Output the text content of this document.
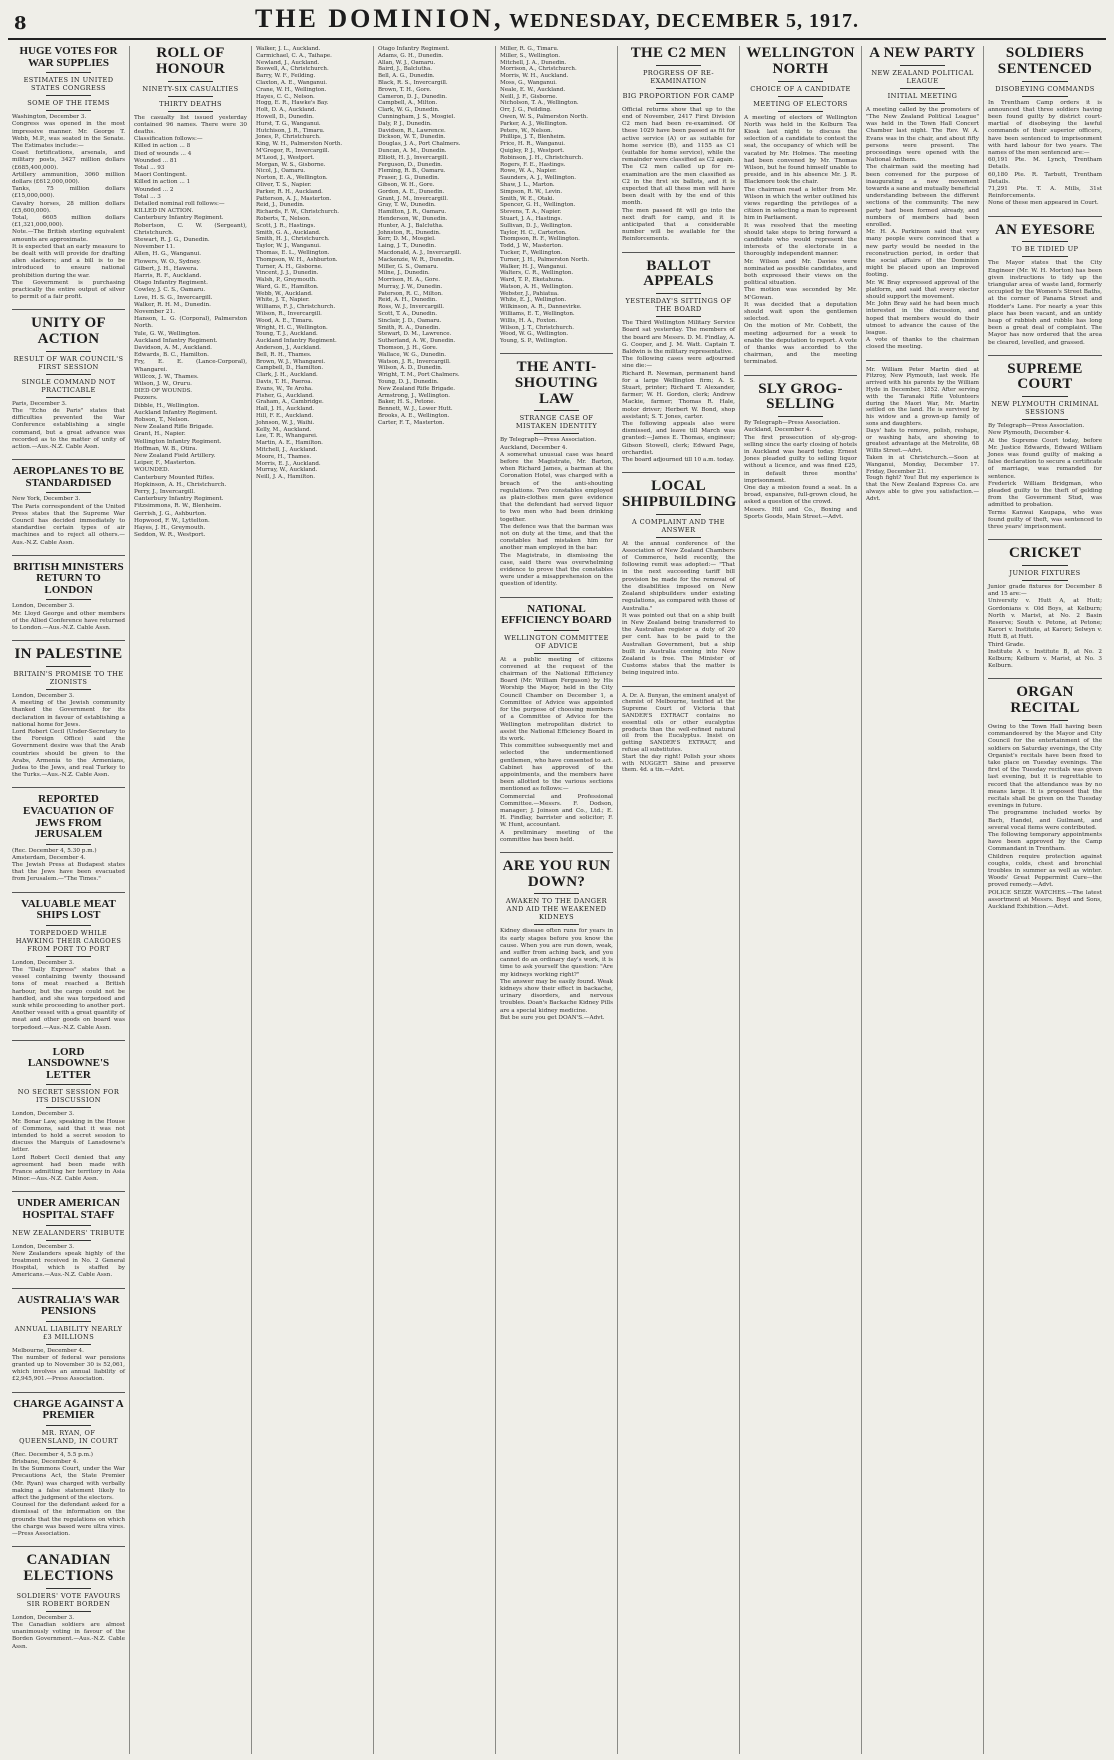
8	THE DOMINION, WEDNESDAY, DECEMBER 5, 1917.
HUGE VOTES FOR WAR SUPPLIES
ESTIMATES IN UNITED STATES CONGRESS
SOME OF THE ITEMS
Washington, December 3.
Congress was opened in the most impressive manner. Mr. George T. Webb, M.P., was seated in the Senate. The Estimates include:—
Coast fortifications, arsenals, and military posts, 3427 million dollars (£685,400,000).
Artillery ammunition, 3060 million dollars (£612,000,000).
Tanks, 75 million dollars (£15,000,000).
Cavalry horses, 28 million dollars (£5,600,000).
Total, 6605 million dollars (£1,321,000,000).
Note.—The British sterling equivalent amounts are approximate.
It is expected that an early measure to be dealt with will provide for drafting alien slackers; and a bill is to be introduced to ensure national prohibition during the war.
The Government is purchasing practically the entire output of silver to permit of a fair profit.
UNITY OF ACTION
RESULT OF WAR COUNCIL'S FIRST SESSION
SINGLE COMMAND NOT PRACTICABLE
Paris, December 3.
The "Echo de Paris" states that difficulties prevented the War Conference establishing a single command, but a great advance was recorded as to the matter of unity of action.—Aus.-N.Z. Cable Assn.
AEROPLANES TO BE STANDARDISED
New York, December 3.
The Paris correspondent of the United Press states that the Supreme War Council has decided immediately to standardise certain types of air machines and to reject all others.—Aus.-N.Z. Cable Assn.
BRITISH MINISTERS RETURN TO LONDON
London, December 3.
Mr. Lloyd George and other members of the Allied Conference have returned to London.—Aus.-N.Z. Cable Assn.
IN PALESTINE
BRITAIN'S PROMISE TO THE ZIONISTS
London, December 3.
A meeting of the Jewish community thanked the Government for its declaration in favour of establishing a national home for Jews.
Lord Robert Cecil (Under-Secretary to the Foreign Office) said the Government desire was that the Arab countries should be given to the Arabs, Armenia to the Armenians, Judea to the Jews, and real Turkey to the Turks.—Aus.-N.Z. Cable Assn.
REPORTED EVACUATION OF JEWS FROM JERUSALEM
(Rec. December 4, 5.30 p.m.)
Amsterdam, December 4.
The Jewish Press at Budapest states that the Jews have been evacuated from Jerusalem.—"The Times."
VALUABLE MEAT SHIPS LOST
TORPEDOED WHILE HAWKING THEIR CARGOES FROM PORT TO PORT
London, December 3.
The "Daily Express" states that a vessel containing twenty thousand tons of meat reached a British harbour, but the cargo could not be handled, and she was torpedoed and sunk while proceeding to another port. Another vessel with a great quantity of meat and other goods on board was torpedoed.—Aus.-N.Z. Cable Assn.
LORD LANSDOWNE'S LETTER
NO SECRET SESSION FOR ITS DISCUSSION
London, December 3.
Mr. Bonar Law, speaking in the House of Commons, said that it was not intended to hold a secret session to discuss the Marquis of Lansdowne's letter.
Lord Robert Cecil denied that any agreement had been made with France admitting her territory in Asia Minor.—Aus.-N.Z. Cable Assn.
UNDER AMERICAN HOSPITAL STAFF
NEW ZEALANDERS' TRIBUTE
London, December 3.
New Zealanders speak highly of the treatment received in No. 2 General Hospital, which is staffed by Americans.—Aus.-N.Z. Cable Assn.
AUSTRALIA'S WAR PENSIONS
ANNUAL LIABILITY NEARLY £3 MILLIONS
Melbourne, December 4.
The number of federal war pensions granted up to November 30 is 52,061, which involves an annual liability of £2,945,901.—Press Association.
CHARGE AGAINST A PREMIER
MR. RYAN, OF QUEENSLAND, IN COURT
(Rec. December 4, 5.5 p.m.)
Brisbane, December 4.
In the Summons Court, under the War Precautions Act, the State Premier (Mr. Ryan) was charged with verbally making a false statement likely to affect the judgment of the electors.
Counsel for the defendant asked for a dismissal of the information on the grounds that the regulations on which the charge was based were ultra vires.—Press Association.
CANADIAN ELECTIONS
SOLDIERS' VOTE FAVOURS SIR ROBERT BORDEN
London, December 3.
The Canadian soldiers are almost unanimously voting in favour of the Borden Government.—Aus.-N.Z. Cable Assn.
ROLL OF HONOUR
NINETY-SIX CASUALTIES
THIRTY DEATHS
The casualty list issued yesterday contained 96 names. There were 30 deaths.
Classification follows:—
Killed in action ... 8
Died of wounds ... 4
Wounded ... 81
Total ... 93
Maori Contingent.
Killed in action ... 1
Wounded ... 2
Total ... 3
Detailed nominal roll follows:—
KILLED IN ACTION.
Canterbury Infantry Regiment.
Robertson, C. W. (Sergeant), Christchurch.
Stewart, R. J. G., Dunedin.
November 11.
Allen, H. G., Wanganui.
Flowers, W. O., Sydney.
Gilbert, J. H., Hawera.
Harris, R. F., Auckland.
Otago Infantry Regiment.
Cowley, J. C. S., Oamaru.
Love, H. S. G., Invercargill.
Walker, R. H. M., Dunedin.
November 21.
Hanson, L. G. (Corporal), Palmerston North.
Yule, G. W., Wellington.
Auckland Infantry Regiment.
Davidson, A. M., Auckland.
Edwards, B. C., Hamilton.
Fry, E. E. (Lance-Corporal), Whangarei.
Willcox, J. W., Thames.
Wilson, J. W., Oruru.
DIED OF WOUNDS.
Pezzers.
Dibble, H., Wellington.
Auckland Infantry Regiment.
Robson, T., Nelson.
New Zealand Rifle Brigade.
Grant, H., Napier.
Wellington Infantry Regiment.
Hoffman, W. B., Otira.
New Zealand Field Artillery.
Leiper, F., Masterton.
WOUNDED.
Canterbury Mounted Rifles.
Hopkinson, A. H., Christchurch.
Perry, J., Invercargill.
Canterbury Infantry Regiment.
Fitzsimmons, R. W., Blenheim.
Gerrish, J. G., Ashburton.
Hopwood, F. W., Lyttelton.
Hayes, J. H., Greymouth.
Seddon, W. R., Westport.
Walker, J. L., Auckland.
Carmichael, C. A., Taihape.
Newland, J., Auckland.
Boswell, A., Christchurch.
Barry, W. F., Feilding.
Claxton, A. E., Wanganui.
Crane, W. H., Wellington.
Hayes, C. C., Nelson.
Hogg, E. R., Hawke's Bay.
Holt, D. A., Auckland.
Howell, D., Dunedin.
Hurst, T. G., Wanganui.
Hutchison, J. R., Timaru.
Jones, P., Christchurch.
King, W. H., Palmerston North.
M'Gregor, R., Invercargill.
M'Leod, J., Westport.
Morgan, W. S., Gisborne.
Nicol, J., Oamaru.
Norton, E. A., Wellington.
Oliver, T. S., Napier.
Parker, R. H., Auckland.
Patterson, A. J., Masterton.
Reid, J., Dunedin.
Richards, F. W., Christchurch.
Roberts, T., Nelson.
Scott, J. R., Hastings.
Smith, G. A., Auckland.
Smith, H. J., Christchurch.
Taylor, W. J., Wanganui.
Thomas, E. L., Wellington.
Thompson, W. H., Ashburton.
Turner, A. H., Gisborne.
Vincent, J. J., Dunedin.
Walsh, P., Greymouth.
Ward, G. E., Hamilton.
Webb, W., Auckland.
White, J. T., Napier.
Williams, F. J., Christchurch.
Wilson, R., Invercargill.
Wood, A. E., Timaru.
Wright, H. C., Wellington.
Young, T. J., Auckland.
Auckland Infantry Regiment.
Anderson, J., Auckland.
Bell, R. H., Thames.
Brown, W. J., Whangarei.
Campbell, D., Hamilton.
Clark, J. H., Auckland.
Davis, T. H., Paeroa.
Evans, W., Te Aroha.
Fisher, G., Auckland.
Graham, A., Cambridge.
Hall, J. H., Auckland.
Hill, F. E., Auckland.
Johnson, W. J., Waihi.
Kelly, M., Auckland.
Lee, T. R., Whangarei.
Martin, A. E., Hamilton.
Mitchell, J., Auckland.
Moore, H., Thames.
Morris, E. J., Auckland.
Murray, W., Auckland.
Neill, J. A., Hamilton.
Otago Infantry Regiment.
Adams, G. H., Dunedin.
Allan, W. J., Oamaru.
Baird, J., Balclutha.
Bell, A. G., Dunedin.
Black, R. S., Invercargill.
Brown, T. H., Gore.
Cameron, D. J., Dunedin.
Campbell, A., Milton.
Clark, W. G., Dunedin.
Cunningham, J. S., Mosgiel.
Daly, P. J., Dunedin.
Davidson, R., Lawrence.
Dickson, W. T., Dunedin.
Douglas, J. A., Port Chalmers.
Duncan, A. M., Dunedin.
Elliott, H. J., Invercargill.
Ferguson, D., Dunedin.
Fleming, R. B., Oamaru.
Fraser, J. G., Dunedin.
Gibson, W. H., Gore.
Gordon, A. E., Dunedin.
Grant, J. M., Invercargill.
Gray, T. W., Dunedin.
Hamilton, J. R., Oamaru.
Henderson, W., Dunedin.
Hunter, A. J., Balclutha.
Johnston, R., Dunedin.
Kerr, D. M., Mosgiel.
Laing, J. T., Dunedin.
Macdonald, A. J., Invercargill.
Mackenzie, W. R., Dunedin.
Miller, G. S., Oamaru.
Milne, J., Dunedin.
Morrison, H. A., Gore.
Murray, J. W., Dunedin.
Paterson, R. C., Milton.
Reid, A. H., Dunedin.
Ross, W. J., Invercargill.
Scott, T. A., Dunedin.
Sinclair, J. D., Oamaru.
Smith, R. A., Dunedin.
Stewart, D. M., Lawrence.
Sutherland, A. W., Dunedin.
Thomson, J. H., Gore.
Wallace, W. G., Dunedin.
Watson, J. R., Invercargill.
Wilson, A. D., Dunedin.
Wright, T. M., Port Chalmers.
Young, D. J., Dunedin.
New Zealand Rifle Brigade.
Armstrong, J., Wellington.
Baker, H. S., Petone.
Bennett, W. J., Lower Hutt.
Brooks, A. E., Wellington.
Carter, F. T., Masterton.
Miller, R. G., Timaru.
Miller, S., Wellington.
Mitchell, J. A., Dunedin.
Morrison, A., Christchurch.
Morris, W. H., Auckland.
Moss, G., Wanganui.
Neale, E. W., Auckland.
Neill, J. F., Gisborne.
Nicholson, T. A., Wellington.
Orr, J. G., Feilding.
Owen, W. S., Palmerston North.
Parker, A. J., Wellington.
Peters, W., Nelson.
Phillips, J. T., Blenheim.
Price, H. R., Wanganui.
Quigley, P. J., Westport.
Robinson, J. H., Christchurch.
Rogers, F. E., Hastings.
Rowe, W. A., Napier.
Saunders, A. J., Wellington.
Shaw, J. L., Marton.
Simpson, R. W., Levin.
Smith, W. E., Otaki.
Spencer, G. H., Wellington.
Stevens, T. A., Napier.
Stuart, J. A., Hastings.
Sullivan, D. J., Wellington.
Taylor, H. C., Carterton.
Thompson, R. F., Wellington.
Todd, J. W., Masterton.
Tucker, F., Wellington.
Turner, J. H., Palmerston North.
Walker, H. J., Wanganui.
Walters, C. R., Wellington.
Ward, T. P., Eketahuna.
Watson, A. H., Wellington.
Webster, J., Pahiatua.
White, E. J., Wellington.
Wilkinson, A. R., Dannevirke.
Williams, E. T., Wellington.
Willis, H. A., Foxton.
Wilson, J. T., Christchurch.
Wood, W. G., Wellington.
Young, S. P., Wellington.
THE ANTI-SHOUTING LAW
STRANGE CASE OF MISTAKEN IDENTITY
By Telegraph—Press Association.
Auckland, December 4.
A somewhat unusual case was heard before the Magistrate, Mr. Barton, when Richard James, a barman at the Coronation Hotel, was charged with a breach of the anti-shouting regulations. Two constables employed as plain-clothes men gave evidence that the defendant had served liquor to two men who had been drinking together.
The defence was that the barman was not on duty at the time, and that the constables had mistaken him for another man employed in the bar.
The Magistrate, in dismissing the case, said there was overwhelming evidence to prove that the constables were under a misapprehension on the question of identity.
NATIONAL EFFICIENCY BOARD
WELLINGTON COMMITTEE OF ADVICE
At a public meeting of citizens convened at the request of the chairman of the National Efficiency Board (Mr. William Ferguson) by His Worship the Mayor, held in the City Council Chamber on December 1, a Committee of Advice was appointed for the purpose of choosing members of a Committee of Advice for the Wellington metropolitan district to assist the National Efficiency Board in its work.
This committee subsequently met and selected the undermentioned gentlemen, who have consented to act. Cabinet has approved of the appointments, and the members have been allotted to the various sections mentioned as follows:—
Commercial and Professional Committee.—Messrs. F. Dodson, manager; J. Joinson and Co., Ltd.; E. H. Findlay, barrister and solicitor; F. W. Hunt, accountant.
A preliminary meeting of the committee has been held.
ARE YOU RUN DOWN?
AWAKEN TO THE DANGER AND AID THE WEAKENED KIDNEYS
Kidney disease often runs for years in its early stages before you know the cause. When you are run down, weak, and suffer from aching back, and you cannot do an ordinary day's work, it is time to ask yourself the question: "Are my kidneys working right?"
The answer may be easily found. Weak kidneys show their effect in backache, urinary disorders, and nervous troubles. Doan's Backache Kidney Pills are a special kidney medicine.
But be sure you get DOAN'S.—Advt.
THE C2 MEN
PROGRESS OF RE-EXAMINATION
BIG PROPORTION FOR CAMP
Official returns show that up to the end of November, 2417 First Division C2 men had been re-examined. Of these 1029 have been passed as fit for active service (A) or as suitable for home service (B), and 1155 as C1 (suitable for home service), while the remainder were classified as C2 again.
The C2 men called up for re-examination are the men classified as C2 in the first six ballots, and it is expected that all these men will have been dealt with by the end of this month.
The men passed fit will go into the next draft for camp, and it is anticipated that a considerable number will be available for the Reinforcements.
BALLOT APPEALS
YESTERDAY'S SITTINGS OF THE BOARD
The Third Wellington Military Service Board sat yesterday. The members of the board are Messrs. D. M. Findlay, A. G. Cooper, and J. M. Watt. Captain T. Baldwin is the military representative.
The following cases were adjourned sine die:—
Richard R. Newman, permanent hand for a large Wellington firm; A. S. Stuart, printer; Richard T. Alexander, farmer; W. H. Gordon, clerk; Andrew Mackie, farmer; Thomas R. Hale, motor driver; Herbert W. Bond, shop assistant; S. T. Jones, carter.
The following appeals also were dismissed, and leave till March was granted:—James E. Thomas, engineer; Gibson Stowell, clerk; Edward Page, orchardist.
The board adjourned till 10 a.m. today.
LOCAL SHIPBUILDING
A COMPLAINT AND THE ANSWER
At the annual conference of the Association of New Zealand Chambers of Commerce, held recently, the following remit was adopted:— "That in the next succeeding tariff bill provision be made for the removal of the disabilities imposed on New Zealand shipbuilders under existing regulations, as compared with those of Australia."
It was pointed out that on a ship built in New Zealand being transferred to the Australian register a duty of 20 per cent. has to be paid to the Australian Government, but a ship built in Australia coming into New Zealand is free. The Minister of Customs states that the matter is being inquired into.
A. Dr. A. Bunyan, the eminent analyst of chemist of Melbourne, testified at the Supreme Court of Victoria that SANDER'S EXTRACT contains no essential oils or other eucalyptus products than the well-refined natural oil from the Eucalyptus. Insist on getting SANDER'S EXTRACT, and refuse all substitutes.
Start the day right! Polish your shoes with NUGGET! Shine and preserve them. 4d. a tin.—Advt.
WELLINGTON NORTH
CHOICE OF A CANDIDATE
MEETING OF ELECTORS
A meeting of electors of Wellington North was held in the Kelburn Tea Kiosk last night to discuss the selection of a candidate to contest the seat, the occupancy of which will be vacated by Mr. Holmes. The meeting had been convened by Mr. Thomas Wilson, but he found himself unable to preside, and in his absence Mr. J. R. Blackmore took the chair.
The chairman read a letter from Mr. Wilson in which the writer outlined his views regarding the privileges of a citizen in selecting a man to represent him in Parliament.
It was resolved that the meeting should take steps to bring forward a candidate who would represent the interests of the electorate in a thoroughly independent manner.
Mr. Wilson and Mr. Davies were nominated as possible candidates, and both expressed their views on the political situation.
The motion was seconded by Mr. M'Gowan.
It was decided that a deputation should wait upon the gentlemen selected.
On the motion of Mr. Cobbett, the meeting adjourned for a week to enable the deputation to report. A vote of thanks was accorded to the chairman, and the meeting terminated.
SLY GROG-SELLING
By Telegraph—Press Association.
Auckland, December 4.
The first prosecution of sly-grog-selling since the early closing of hotels in Auckland was heard today. Ernest Jones pleaded guilty to selling liquor without a licence, and was fined £25, in default three months' imprisonment.
One day a mission found a seat. In a broad, expansive, full-grown cloud, he asked a question of the crowd.
Messrs. Hill and Co., Boxing and Sports Goods, Main Street.—Advt.
A NEW PARTY
NEW ZEALAND POLITICAL LEAGUE
INITIAL MEETING
A meeting called by the promoters of "The New Zealand Political League" was held in the Town Hall Concert Chamber last night. The Rev. W. A. Evans was in the chair, and about fifty persons were present. The proceedings were opened with the National Anthem.
The chairman said the meeting had been convened for the purpose of inaugurating a new movement towards a sane and mutually beneficial understanding between the different sections of the community. The new party had been formed already, and numbers of members had been enrolled.
Mr. H. A. Parkinson said that very many people were convinced that a new party would be needed in the reconstruction period, in order that the social affairs of the Dominion might be placed upon an improved footing.
Mr. W. Bray expressed approval of the platform, and said that every elector should support the movement.
Mr. John Bray said he had been much interested in the discussion, and hoped that members would do their utmost to advance the cause of the league.
A vote of thanks to the chairman closed the meeting.
Mr. William Peter Martin died at Fitzroy, New Plymouth, last week. He arrived with his parents by the William Hyde in December, 1852. After serving with the Taranaki Rifle Volunteers during the Maori War, Mr. Martin settled on the land. He is survived by his widow and a grown-up family of sons and daughters.
Days' hats to remove, polish, reshape, or washing hats, are showing to greatest advantage at the Metrolite, 68 Willis Street.—Advt.
Taken in at Christchurch.—Soon at Wanganui, Monday, December 17. Friday, December 21.
Tough fight? You! But my experience is that the New Zealand Express Co. are always able to give you satisfaction.—Advt.
SOLDIERS SENTENCED
DISOBEYING COMMANDS
In Trentham Camp orders it is announced that three soldiers having been found guilty by district court-martial of disobeying the lawful commands of their superior officers, have been sentenced to imprisonment with hard labour for two years. The names of the men sentenced are:—
60,191 Pte. M. Lynch, Trentham Details.
60,180 Pte. R. Tarbutt, Trentham Details.
71,291 Pte. T. A. Mills, 31st Reinforcements.
None of these men appeared in Court.
AN EYESORE
TO BE TIDIED UP
The Mayor states that the City Engineer (Mr. W. H. Morton) has been given instructions to tidy up the triangular area of waste land, formerly occupied by the Women's Street Baths, at the corner of Panama Street and Hodder's Lane. For nearly a year this place has been vacant, and an untidy heap of rubbish and rubble has long been a great deal of complaint. The Mayor has now ordered that the area be cleared, levelled, and grassed.
SUPREME COURT
NEW PLYMOUTH CRIMINAL SESSIONS
By Telegraph—Press Association.
New Plymouth, December 4.
At the Supreme Court today, before Mr. Justice Edwards, Edward William Jones was found guilty of making a false declaration to secure a certificate of marriage, was remanded for sentence.
Frederick William Bridgman, who pleaded guilty to the theft of gelding from the Government Stud, was admitted to probation.
Terms Kanwai Kaupapa, who was found guilty of theft, was sentenced to three years' imprisonment.
CRICKET
JUNIOR FIXTURES
Junior grade fixtures for December 8 and 15 are:—
University v. Hutt A, at Hutt; Gordonians v. Old Boys, at Kelburn; North v. Marist, at No. 2 Basin Reserve; South v. Petone, at Petone; Karori v. Institute, at Karori; Selwyn v. Hutt B, at Hutt.
Third Grade.
Institute A v. Institute B, at No. 2 Kelburn; Kelburn v. Marist, at No. 3 Kelburn.
ORGAN RECITAL
Owing to the Town Hall having been commandeered by the Mayor and City Council for the entertainment of the soldiers on Saturday evenings, the City Organist's recitals have been fixed to take place on Tuesday evenings. The first of the Tuesday recitals was given last evening, but it is regrettable to record that the attendance was by no means large. It is proposed that the recitals shall be given on the Tuesday evenings in future.
The programme included works by Bach, Handel, and Guilmant, and several vocal items were contributed.
The following temporary appointments have been approved by the Camp Commandant in Trentham.
Children require protection against coughs, colds, chest and bronchial troubles in summer as well as winter. Woods' Great Peppermint Cure—the proved remedy.—Advt.
POLICE SEIZE WATCHES.—The latest assortment at Messrs. Boyd and Sons, Auckland Exhibition.—Advt.
